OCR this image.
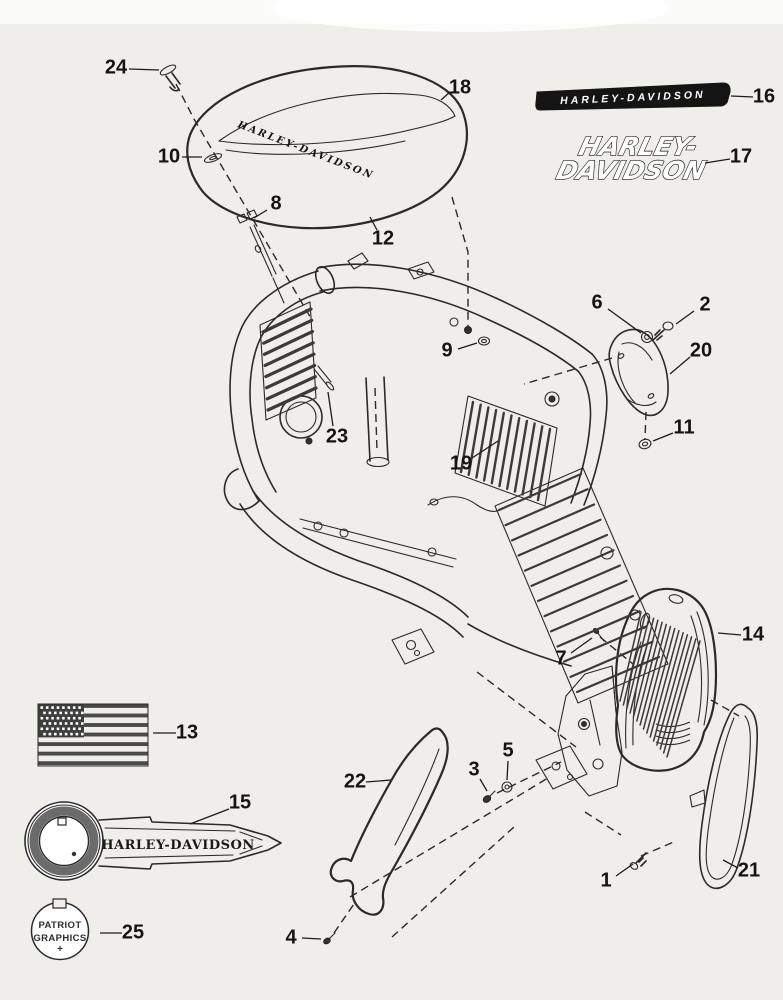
HARLEY-DAVIDSON
HARLEY-DAVIDSON
HARLEY-
DAVIDSON
HARLEY-DAVIDSON
PATRIOT
GRAPHICS
+
1
2
3
4
5
6
7
8
9
10
11
12
13
14
15
16
17
18
19
20
21
22
23
24
25
